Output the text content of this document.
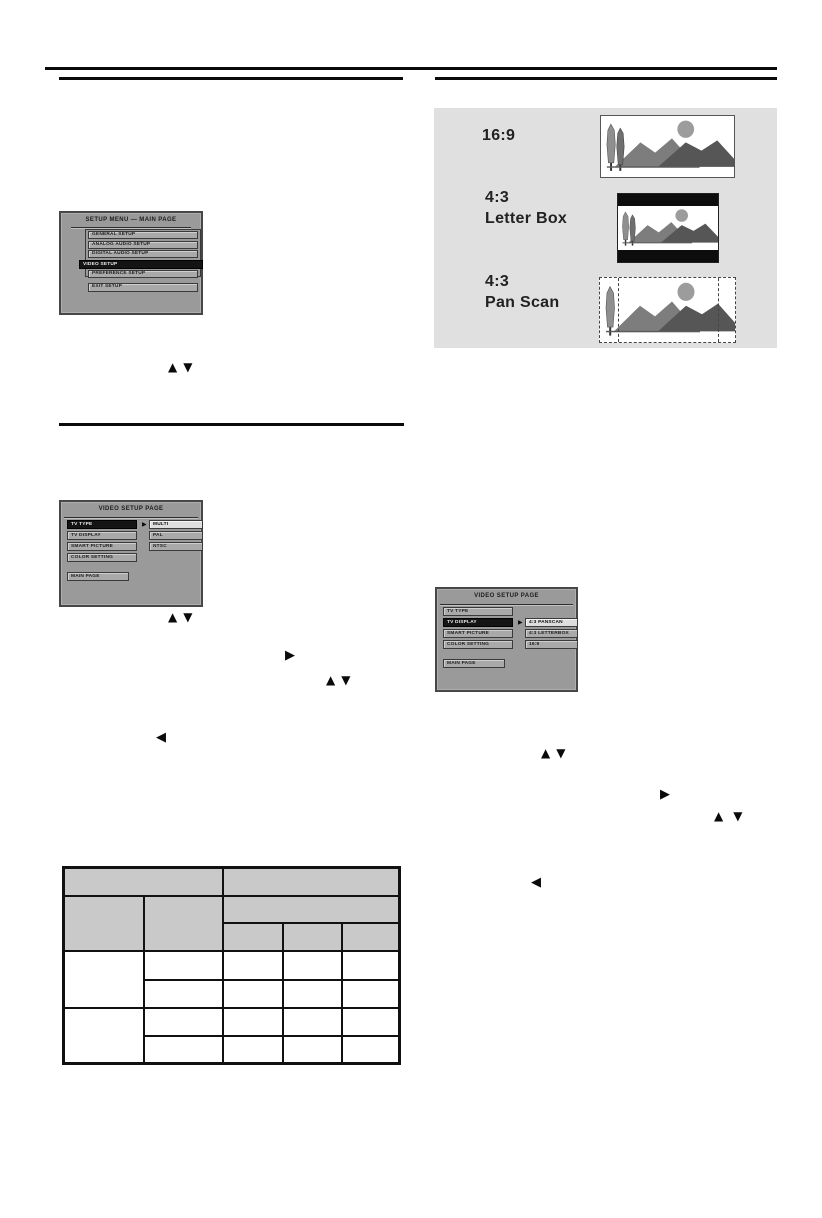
SETUP MENU — MAIN PAGE
GENERAL SETUP
ANALOG AUDIO SETUP
DIGITAL AUDIO SETUP
VIDEO SETUP
PREFERENCE SETUP
EXIT SETUP
▲ ▼
VIDEO SETUP PAGE
TV TYPE
TV DISPLAY
SMART PICTURE
COLOR SETTING
MAIN PAGE
▶	MULTI
PAL
NTSC
▲ ▼
▶
▲ ▼
◀
16:9
4:3
Letter Box
4:3
Pan Scan
VIDEO SETUP PAGE
TV TYPE
TV DISPLAY
SMART PICTURE
COLOR SETTING
MAIN PAGE
▶	4:3 PANSCAN
4:3 LETTERBOX
16:9
▲ ▼
▶
▲ ▼
◀
